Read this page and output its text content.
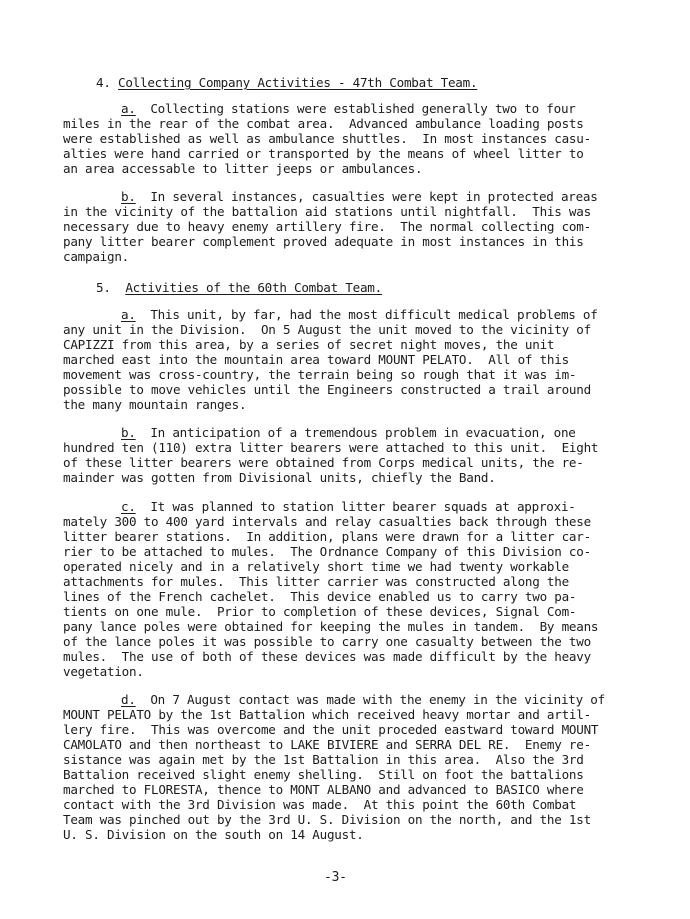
4. Collecting Company Activities - 47th Combat Team.
a. Collecting stations were established generally two to four
miles in the rear of the combat area.  Advanced ambulance loading posts
were established as well as ambulance shuttles.  In most instances casu-
alties were hand carried or transported by the means of wheel litter to
an area accessable to litter jeeps or ambulances.
b. In several instances, casualties were kept in protected areas
in the vicinity of the battalion aid stations until nightfall.  This was
necessary due to heavy enemy artillery fire.  The normal collecting com-
pany litter bearer complement proved adequate in most instances in this
campaign.
5. Activities of the 60th Combat Team.
a. This unit, by far, had the most difficult medical problems of
any unit in the Division.  On 5 August the unit moved to the vicinity of
CAPIZZI from this area, by a series of secret night moves, the unit
marched east into the mountain area toward MOUNT PELATO.  All of this
movement was cross-country, the terrain being so rough that it was im-
possible to move vehicles until the Engineers constructed a trail around
the many mountain ranges.
b. In anticipation of a tremendous problem in evacuation, one
hundred ten (110) extra litter bearers were attached to this unit.  Eight
of these litter bearers were obtained from Corps medical units, the re-
mainder was gotten from Divisional units, chiefly the Band.
c. It was planned to station litter bearer squads at approxi-
mately 300 to 400 yard intervals and relay casualties back through these
litter bearer stations.  In addition, plans were drawn for a litter car-
rier to be attached to mules.  The Ordnance Company of this Division co-
operated nicely and in a relatively short time we had twenty workable
attachments for mules.  This litter carrier was constructed along the
lines of the French cachelet.  This device enabled us to carry two pa-
tients on one mule.  Prior to completion of these devices, Signal Com-
pany lance poles were obtained for keeping the mules in tandem.  By means
of the lance poles it was possible to carry one casualty between the two
mules.  The use of both of these devices was made difficult by the heavy
vegetation.
d. On 7 August contact was made with the enemy in the vicinity of
MOUNT PELATO by the 1st Battalion which received heavy mortar and artil-
lery fire.  This was overcome and the unit proceded eastward toward MOUNT
CAMOLATO and then northeast to LAKE BIVIERE and SERRA DEL RE.  Enemy re-
sistance was again met by the 1st Battalion in this area.  Also the 3rd
Battalion received slight enemy shelling.  Still on foot the battalions
marched to FLORESTA, thence to MONT ALBANO and advanced to BASICO where
contact with the 3rd Division was made.  At this point the 60th Combat
Team was pinched out by the 3rd U. S. Division on the north, and the 1st
U. S. Division on the south on 14 August.
-3-
